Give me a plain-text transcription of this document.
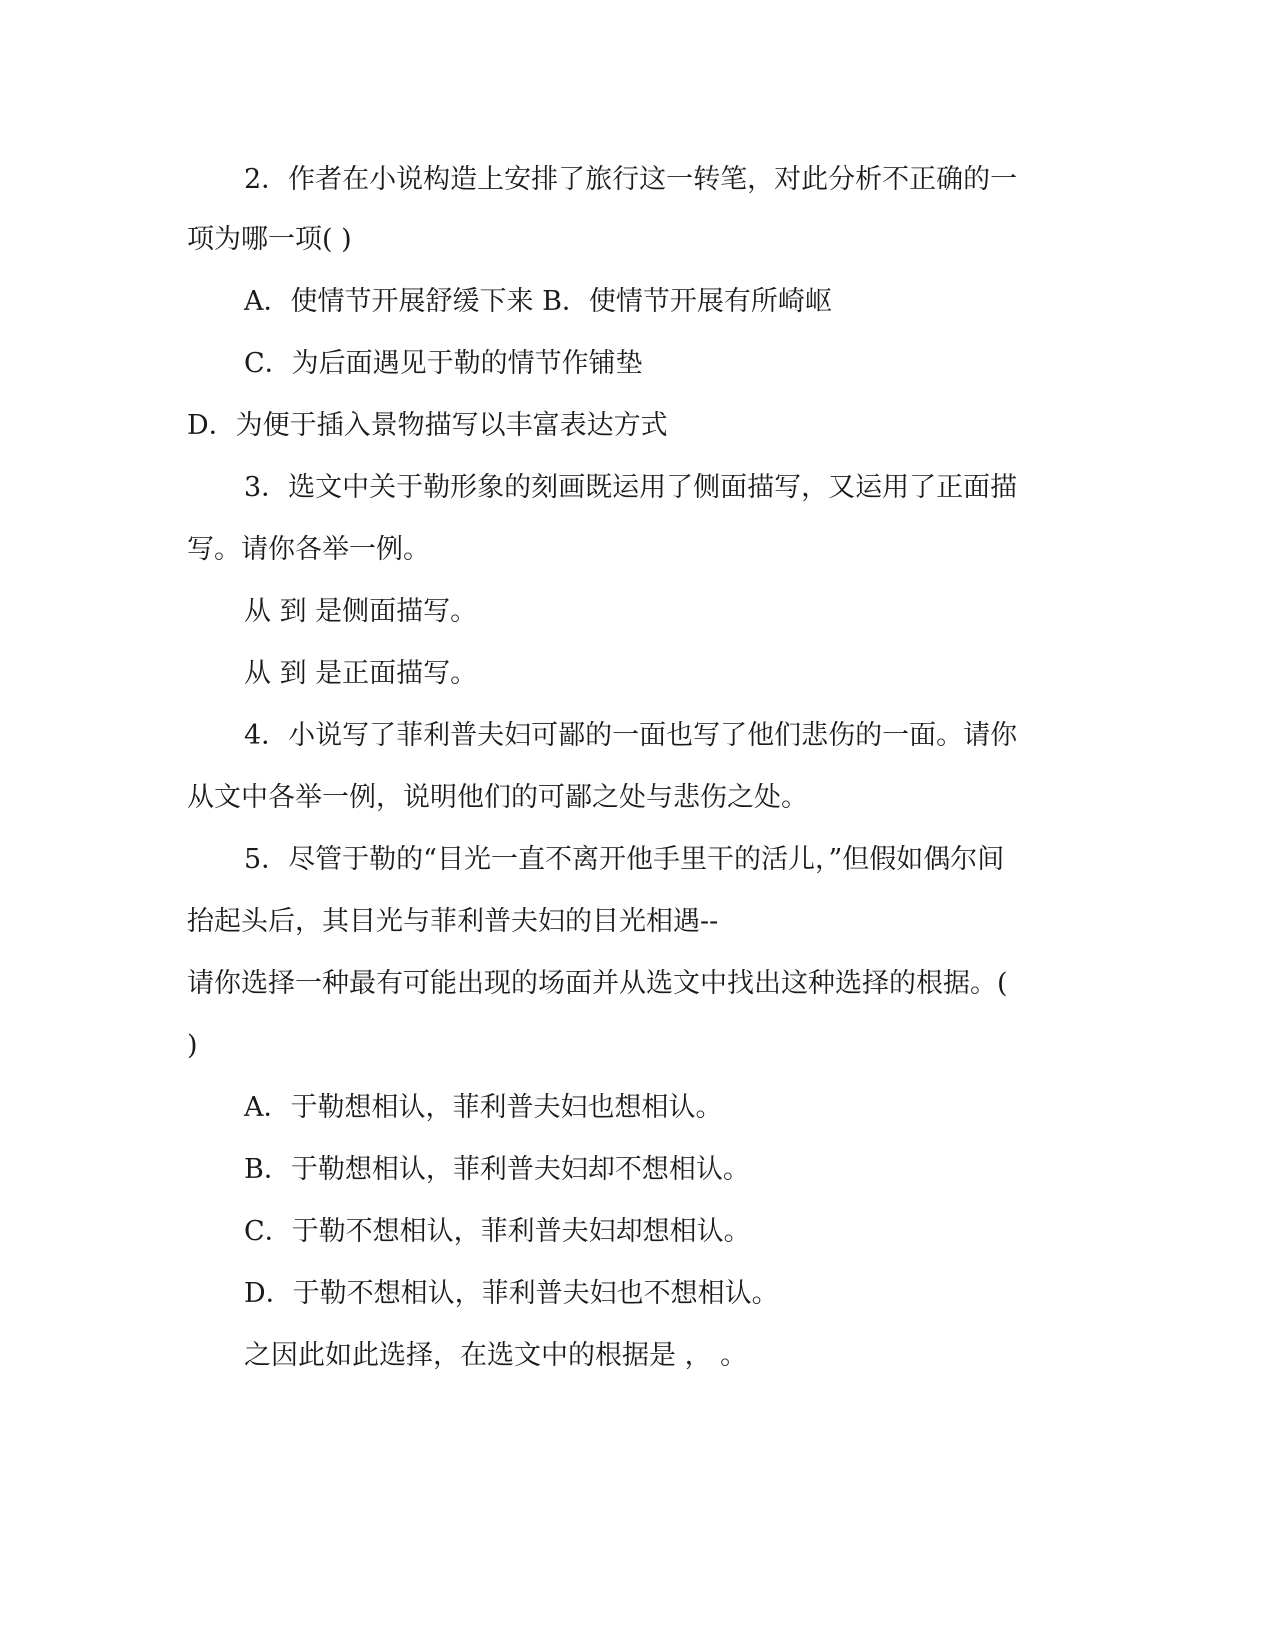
2．作者在小说构造上安排了旅行这一转笔，对此分析不正确的一

项为哪一项( )

A．使情节开展舒缓下来 B．使情节开展有所崎岖

C．为后面遇见于勒的情节作铺垫

D．为便于插入景物描写以丰富表达方式

3．选文中关于勒形象的刻画既运用了侧面描写，又运用了正面描

写。请你各举一例。

从 到 是侧面描写。

从 到 是正面描写。

4．小说写了菲利普夫妇可鄙的一面也写了他们悲伤的一面。请你

从文中各举一例，说明他们的可鄙之处与悲伤之处。

5．尽管于勒的“目光一直不离开他手里干的活儿，”但假如偶尔间

抬起头后，其目光与菲利普夫妇的目光相遇--

请你选择一种最有可能出现的场面并从选文中找出这种选择的根据。(

)

A．于勒想相认，菲利普夫妇也想相认。

B．于勒想相认，菲利普夫妇却不想相认。

C．于勒不想相认，菲利普夫妇却想相认。

D．于勒不想相认，菲利普夫妇也不想相认。

之因此如此选择，在选文中的根据是 ， 。
